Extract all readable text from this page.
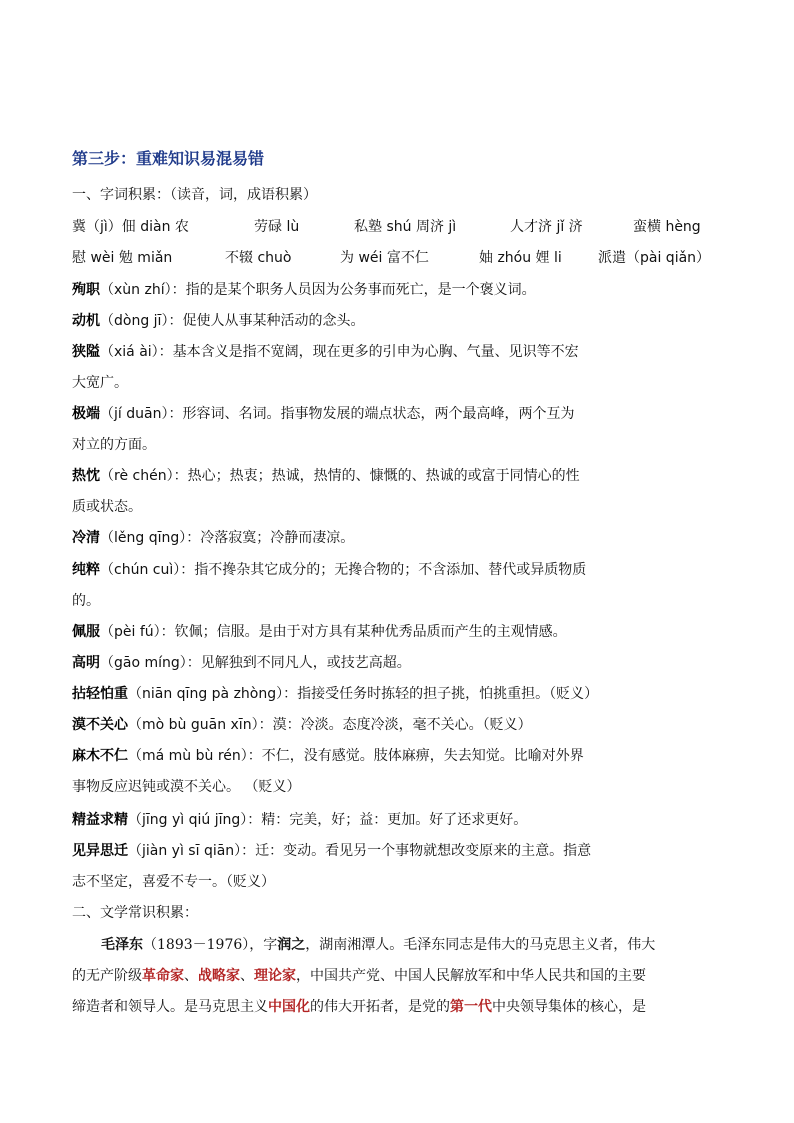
第三步：重难知识易混易错
一、字词积累：（读音，词，成语积累）
冀（jì）佃 diàn 农	劳碌 lù	私塾 shú 周济 jì	人才济 jǐ 济	蛮横 hèng
慰 wèi 勉 miǎn	不辍 chuò	为 wéi 富不仁	妯 zhóu 娌 li	派遣（pài qiǎn）
殉职（xùn zhí）：指的是某个职务人员因为公务事而死亡，是一个褒义词。
动机（dòng jī）：促使人从事某种活动的念头。
狭隘（xiá ài）：基本含义是指不宽阔，现在更多的引申为心胸、气量、见识等不宏
大宽广。
极端（jí duān）：形容词、名词。指事物发展的端点状态，两个最高峰，两个互为
对立的方面。
热忱（rè chén）：热心；热衷；热诚，热情的、慷慨的、热诚的或富于同情心的性
质或状态。
冷清（lěng qīng）：冷落寂寞；冷静而凄凉。
纯粹（chún cuì）：指不搀杂其它成分的；无搀合物的；不含添加、替代或异质物质
的。
佩服（pèi fú）：钦佩；信服。是由于对方具有某种优秀品质而产生的主观情感。
高明（gāo míng）：见解独到不同凡人，或技艺高超。
拈轻怕重（niān qīng pà zhòng）：指接受任务时拣轻的担子挑，怕挑重担。（贬义）
漠不关心（mò bù guān xīn）：漠：冷淡。态度冷淡，毫不关心。（贬义）
麻木不仁（má mù bù rén）：不仁，没有感觉。肢体麻痹，失去知觉。比喻对外界
事物反应迟钝或漠不关心。 （贬义）
精益求精（jīng yì qiú jīng）：精：完美，好；益：更加。好了还求更好。
见异思迁（jiàn yì sī qiān）：迁：变动。看见另一个事物就想改变原来的主意。指意
志不坚定，喜爱不专一。（贬义）
二、文学常识积累：
毛泽东（1893－1976），字润之，湖南湘潭人。毛泽东同志是伟大的马克思主义者，伟大
的无产阶级革命家、战略家、理论家，中国共产党、中国人民解放军和中华人民共和国的主要
缔造者和领导人。是马克思主义中国化的伟大开拓者，是党的第一代中央领导集体的核心，是
